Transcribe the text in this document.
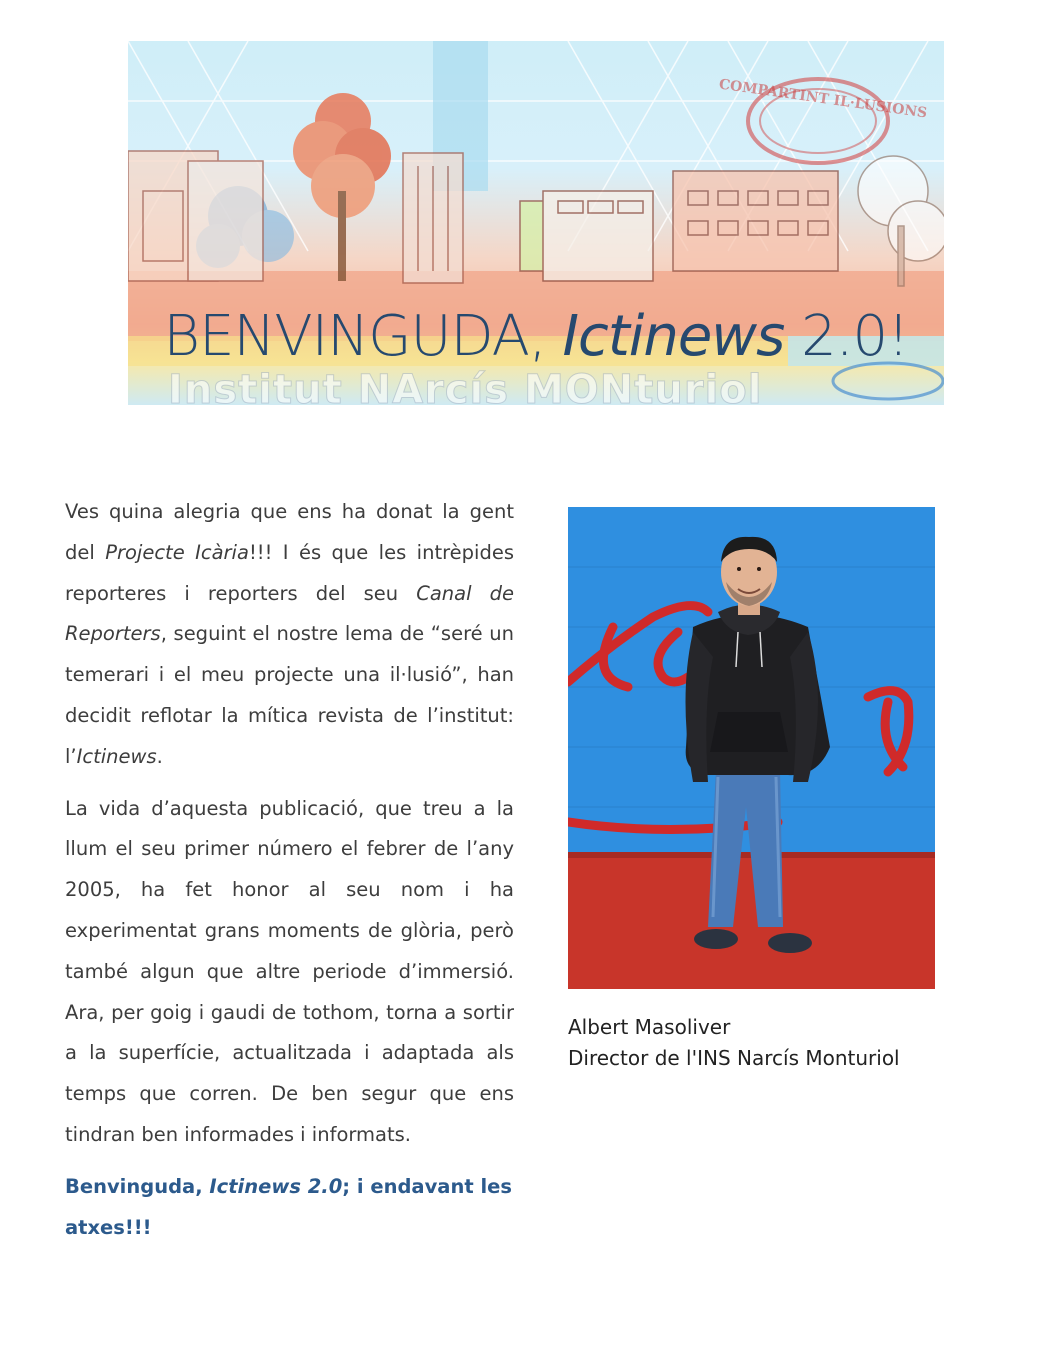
COMPARTINT IL·LUSIONS
Institut NArcís MONturiol
BENVINGUDA, Ictinews 2.0!

Ves quina alegria que ens ha donat la gent del Projecte Icària!!! I és que les intrèpides reporteres i reporters del seu Canal de Reporters, seguint el nostre lema de “seré un temerari i el meu projecte una il·lusió”, han decidit reflotar la mítica revista de l’institut: l’Ictinews.

La vida d’aquesta publicació, que treu a la llum el seu primer número el febrer de l’any 2005, ha fet honor al seu nom i ha experimentat grans moments de glòria, però també algun que altre periode d’immersió. Ara, per goig i gaudi de tothom, torna a sortir a la superfície, actualitzada i adaptada als temps que corren. De ben segur que ens tindran ben informades i informats.

Benvinguda, Ictinews 2.0; i endavant les atxes!!!

Albert Masoliver
Director de l'INS Narcís Monturiol
